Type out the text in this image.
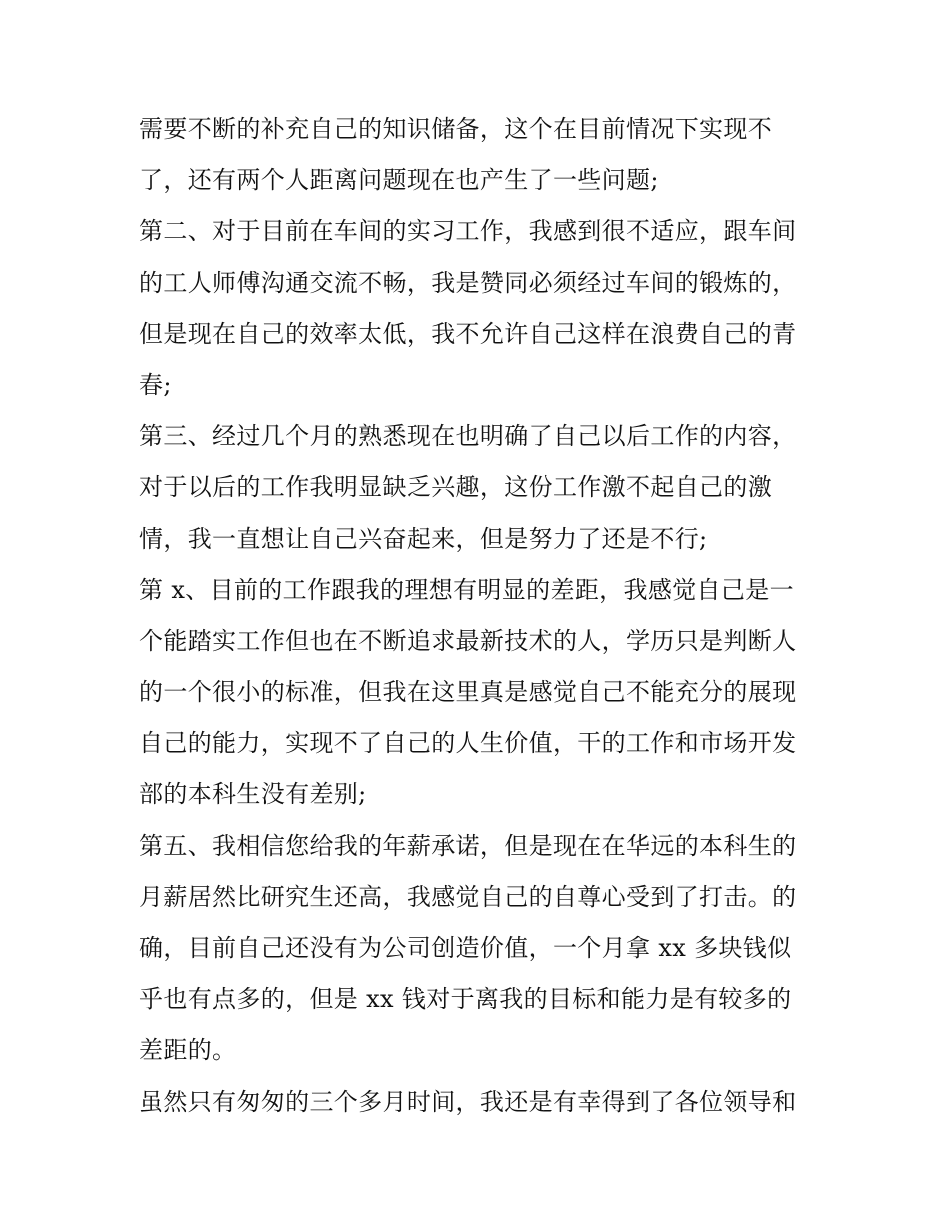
需要不断的补充自己的知识储备，这个在目前情况下实现不
了，还有两个人距离问题现在也产生了一些问题;

第二、对于目前在车间的实习工作，我感到很不适应，跟车间
的工人师傅沟通交流不畅，我是赞同必须经过车间的锻炼的，
但是现在自己的效率太低，我不允许自己这样在浪费自己的青
春;

第三、经过几个月的熟悉现在也明确了自己以后工作的内容，
对于以后的工作我明显缺乏兴趣，这份工作激不起自己的激
情，我一直想让自己兴奋起来，但是努力了还是不行;

第 x、目前的工作跟我的理想有明显的差距，我感觉自己是一
个能踏实工作但也在不断追求最新技术的人，学历只是判断人
的一个很小的标准，但我在这里真是感觉自己不能充分的展现
自己的能力，实现不了自己的人生价值，干的工作和市场开发
部的本科生没有差别;

第五、我相信您给我的年薪承诺，但是现在在华远的本科生的
月薪居然比研究生还高，我感觉自己的自尊心受到了打击。的
确，目前自己还没有为公司创造价值，一个月拿 xx 多块钱似
乎也有点多的，但是 xx 钱对于离我的目标和能力是有较多的
差距的。

虽然只有匆匆的三个多月时间，我还是有幸得到了各位领导和
